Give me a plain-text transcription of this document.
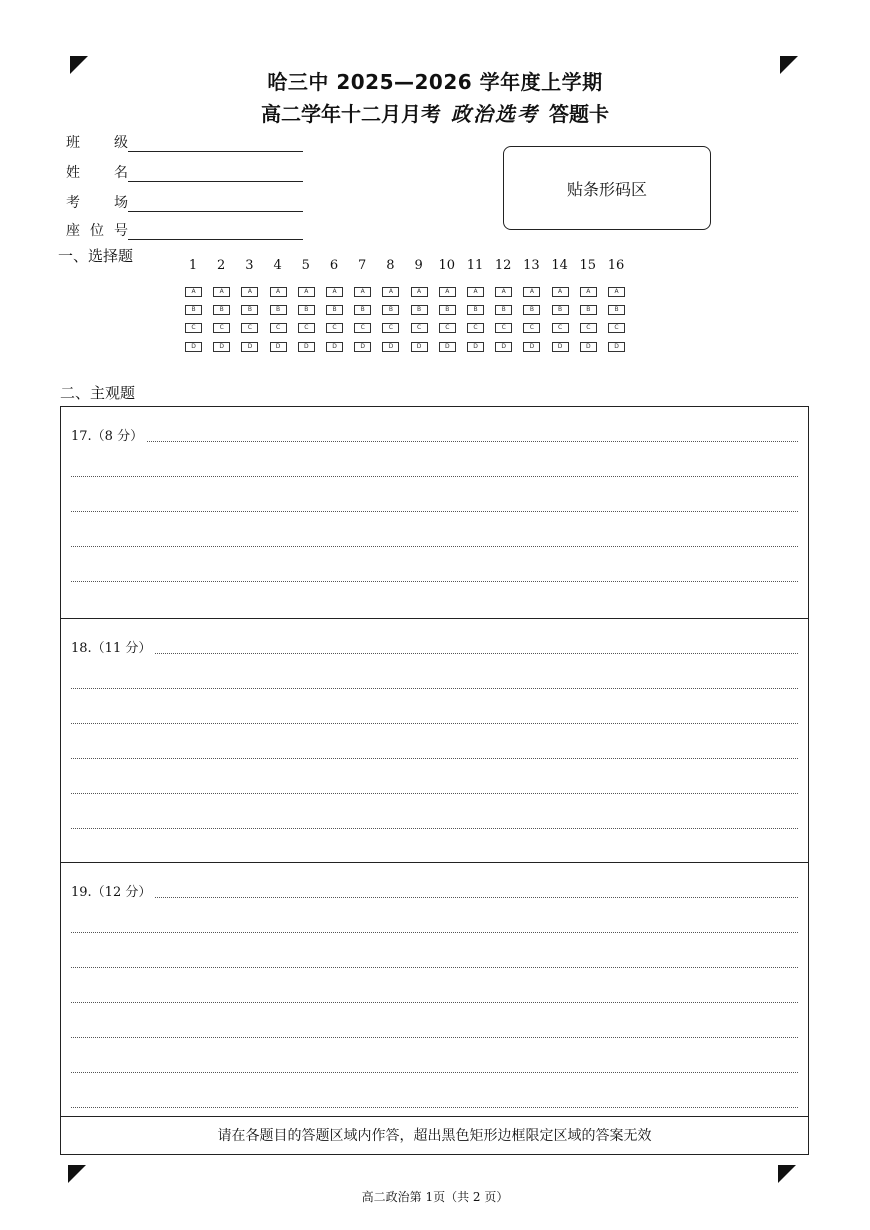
哈三中 2025—2026 学年度上学期
高二学年十二月月考 政治选考 答题卡
班 级
姓 名
考 场
座 位 号
贴条形码区
一、选择题
1
A
B
C
D
2
A
B
C
D
3
A
B
C
D
4
A
B
C
D
5
A
B
C
D
6
A
B
C
D
7
A
B
C
D
8
A
B
C
D
9
A
B
C
D
10
A
B
C
D
11
A
B
C
D
12
A
B
C
D
13
A
B
C
D
14
A
B
C
D
15
A
B
C
D
16
A
B
C
D
二、主观题
17.（8 分）
18.（11 分）
19.（12 分）
请在各题目的答题区域内作答，超出黑色矩形边框限定区域的答案无效
高二政治第 1页（共 2 页）
